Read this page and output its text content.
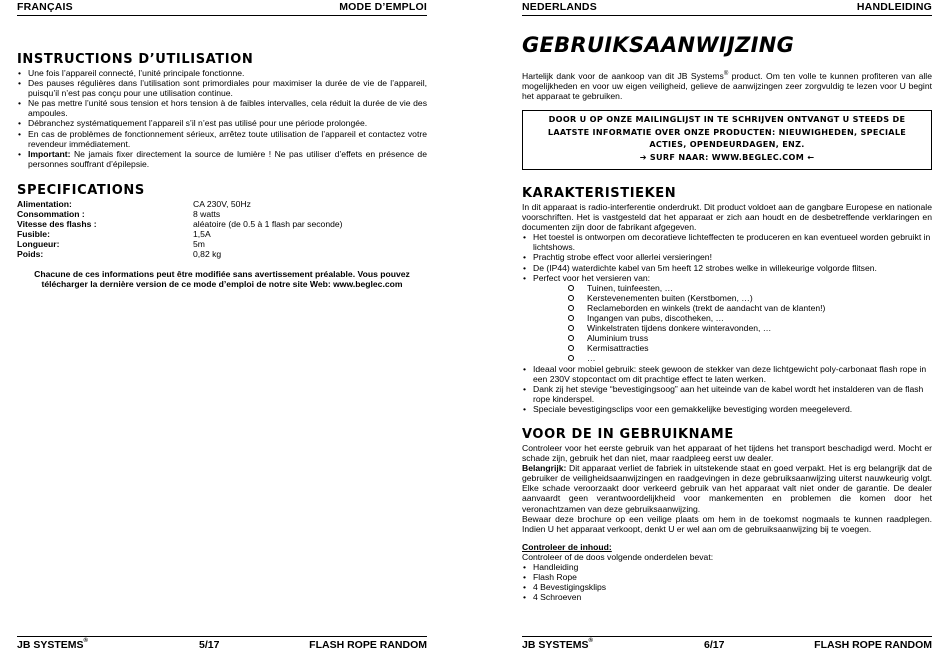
FRANÇAIS	MODE D’EMPLOI
INSTRUCTIONS D’UTILISATION
• Une fois l’appareil connecté, l’unité principale fonctionne.
• Des pauses régulières dans l’utilisation sont primordiales pour maximiser la durée de vie de l’appareil, puisqu’il n’est pas conçu pour une utilisation continue.
• Ne pas mettre l’unité sous tension et hors tension à de faibles intervalles, cela réduit la durée de vie des ampoules.
• Débranchez systématiquement l’appareil s’il n’est pas utilisé pour une période prolongée.
• En cas de problèmes de fonctionnement sérieux, arrêtez toute utilisation de l’appareil et contactez votre revendeur immédiatement.
• Important: Ne jamais fixer directement la source de lumière ! Ne pas utiliser d’effets en présence de personnes souffrant d’épilepsie.
SPECIFICATIONS
Alimentation:	CA 230V, 50Hz
Consommation :	8 watts
Vitesse des flashs :	aléatoire (de 0.5 à 1 flash par seconde)
Fusible:	1,5A
Longueur:	5m
Poids:	0,82 kg
Chacune de ces informations peut être modifiée sans avertissement préalable. Vous pouvez
télécharger la dernière version de ce mode d’emploi de notre site Web: www.beglec.com
JB SYSTEMS®	5/17	FLASH ROPE RANDOM
NEDERLANDS	HANDLEIDING
GEBRUIKSAANWIJZING
Hartelijk dank voor de aankoop van dit JB Systems® product. Om ten volle te kunnen profiteren van alle mogelijkheden en voor uw eigen veiligheid, gelieve de aanwijzingen zeer zorgvuldig te lezen voor U begint het apparaat te gebruiken.
DOOR U OP ONZE MAILINGLIJST IN TE SCHRIJVEN ONTVANGT U STEEDS DE
LAATSTE INFORMATIE OVER ONZE PRODUCTEN: NIEUWIGHEDEN, SPECIALE
ACTIES, OPENDEURDAGEN, ENZ.
➔ SURF NAAR: WWW.BEGLEC.COM ←
KARAKTERISTIEKEN
In dit apparaat is radio-interferentie onderdrukt. Dit product voldoet aan de gangbare Europese en nationale voorschriften. Het is vastgesteld dat het apparaat er zich aan houdt en de desbetreffende verklaringen en documenten zijn door de fabrikant afgegeven.
• Het toestel is ontworpen om decoratieve lichteffecten te produceren en kan eventueel worden gebruikt in lichtshows.
• Prachtig strobe effect voor allerlei versieringen!
• De (IP44) waterdichte kabel van 5m heeft 12 strobes welke in willekeurige volgorde flitsen.
• Perfect voor het versieren van:
Tuinen, tuinfeesten, …
Kerstevenementen buiten (Kerstbomen, …)
Reclameborden en winkels (trekt de aandacht van de klanten!)
Ingangen van pubs, discotheken, …
Winkelstraten tijdens donkere winteravonden, …
Aluminium truss
Kermisattracties
…
• Ideaal voor mobiel gebruik: steek gewoon de stekker van deze lichtgewicht poly-carbonaat flash rope in een 230V stopcontact om dit prachtige effect te laten werken.
• Dank zij het stevige “bevestigingsoog” aan het uiteinde van de kabel wordt het instalderen van de flash rope kinderspel.
• Speciale bevestigingsclips voor een gemakkelijke bevestiging worden meegeleverd.
VOOR DE IN GEBRUIKNAME
Controleer voor het eerste gebruik van het apparaat of het tijdens het transport beschadigd werd. Mocht er schade zijn, gebruik het dan niet, maar raadpleeg eerst uw dealer.
Belangrijk: Dit apparaat verliet de fabriek in uitstekende staat en goed verpakt. Het is erg belangrijk dat de gebruiker de veiligheidsaanwijzingen en raadgevingen in deze gebruiksaanwijzing uiterst nauwkeurig volgt. Elke schade veroorzaakt door verkeerd gebruik van het apparaat valt niet onder de garantie. De dealer aanvaardt geen verantwoordelijkheid voor mankementen en problemen die komen door het veronachtzamen van deze gebruiksaanwijzing.
Bewaar deze brochure op een veilige plaats om hem in de toekomst nogmaals te kunnen raadplegen. Indien U het apparaat verkoopt, denkt U er wel aan om de gebruiksaanwijzing bij te voegen.
Controleer de inhoud:
Controleer of de doos volgende onderdelen bevat:
• Handleiding
• Flash Rope
• 4 Bevestigingsklips
• 4 Schroeven
JB SYSTEMS®	6/17	FLASH ROPE RANDOM
